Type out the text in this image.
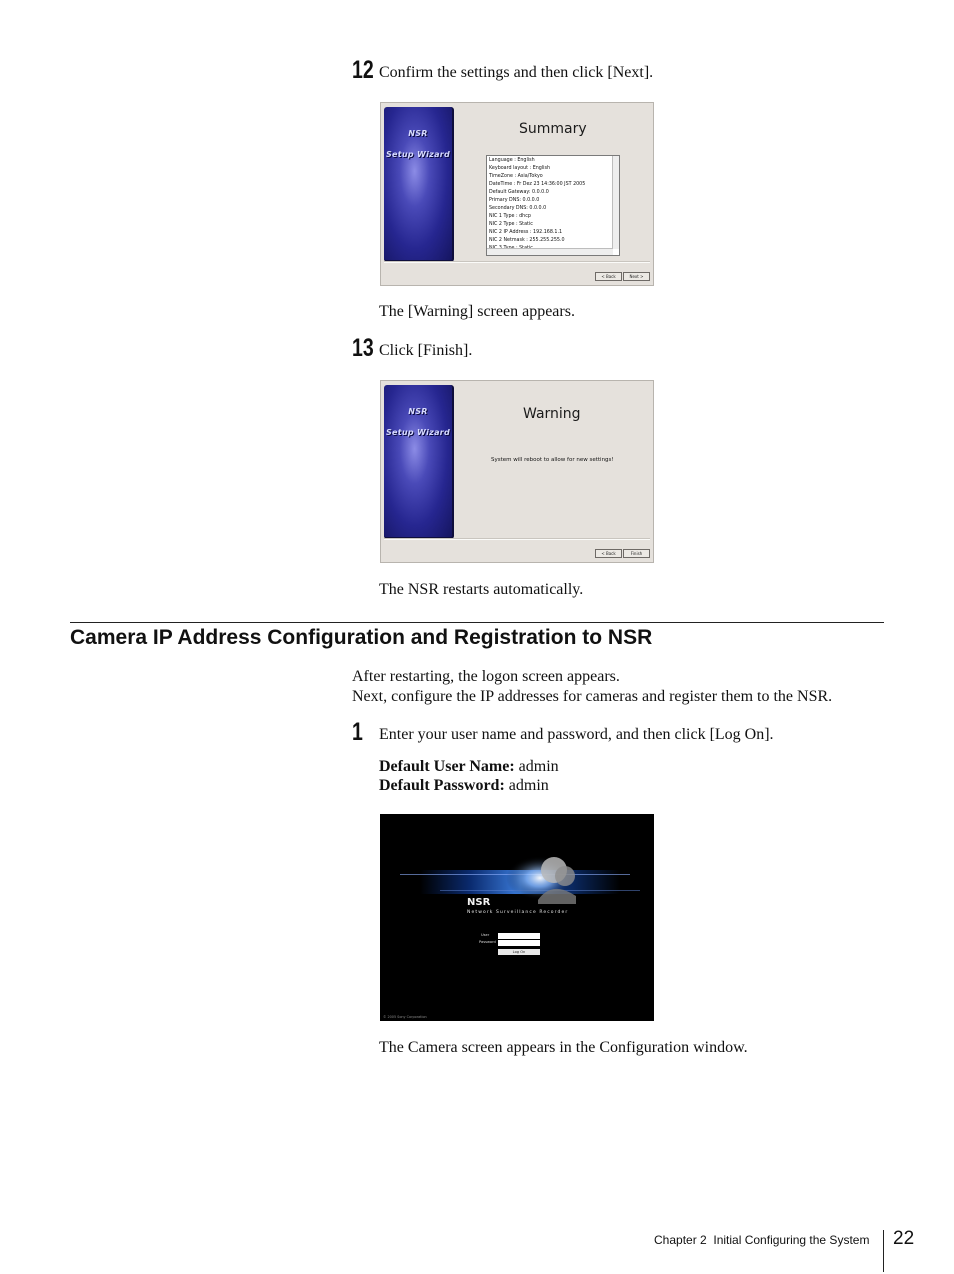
12 Confirm the settings and then click [Next].
NSR
Setup Wizard
Summary
Language : English
Keyboard layout : English
TimeZone : Asia/Tokyo
DateTime : Fr Dez 23 14:36:00 JST 2005
Default Gateway: 0.0.0.0
Primary DNS: 0.0.0.0
Secondary DNS: 0.0.0.0
NIC 1 Type : dhcp
NIC 2 Type : Static
NIC 2 IP Address : 192.168.1.1
NIC 2 Netmask : 255.255.255.0
< Back	Next >
The [Warning] screen appears.
13 Click [Finish].
NSR
Setup Wizard
Warning
System will reboot to allow for new settings!
< Back	Finish
The NSR restarts automatically.
Camera IP Address Configuration and Registration to NSR
After restarting, the logon screen appears.
Next, configure the IP addresses for cameras and register them to the NSR.
1 Enter your user name and password, and then click [Log On].
Default User Name: admin
Default Password: admin
NSR
Network Surveillance Recorder
User
Password
Log On
© 2005 Sony Corporation
The Camera screen appears in the Configuration window.
Chapter 2  Initial Configuring the System 22
